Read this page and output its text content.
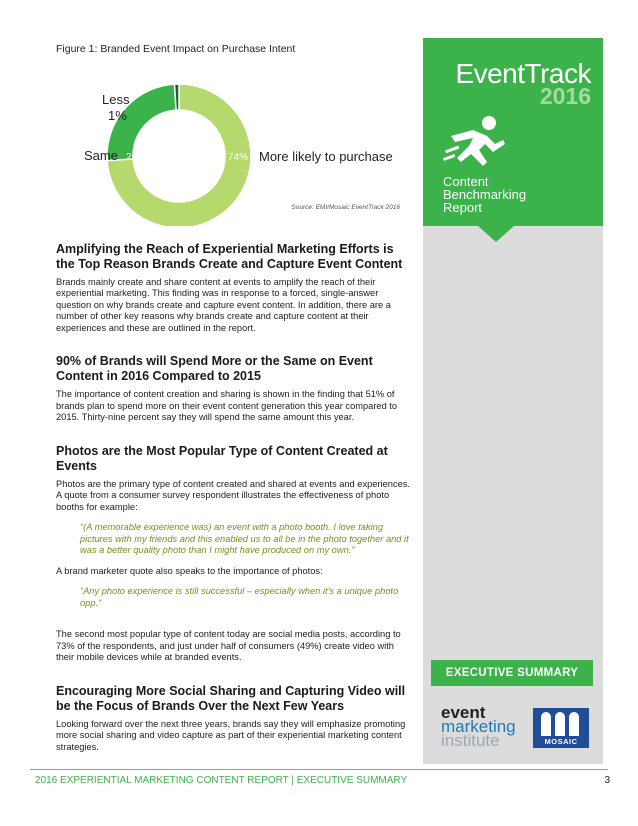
Figure 1: Branded Event Impact on Purchase Intent

Less
1%
Same 25%	74% More likely to purchase
Source: EMI/Mosaic EventTrack 2016
Amplifying the Reach of Experiential Marketing Efforts is the Top Reason Brands Create and Capture Event Content

Brands mainly create and share content at events to amplify the reach of their experiential marketing. This finding was in response to a forced, single-answer question on why brands create and capture event content. In addition, there are a number of other key reasons why brands create and capture content at their experiences and these are outlined in the report.

90% of Brands will Spend More or the Same on Event Content in 2016 Compared to 2015

The importance of content creation and sharing is shown in the finding that 51% of brands plan to spend more on their event content generation this year compared to 2015. Thirty-nine percent say they will spend the same amount this year.

Photos are the Most Popular Type of Content Created at Events

Photos are the primary type of content created and shared at events and experiences. A quote from a consumer survey respondent illustrates the effectiveness of photo booths for example:

“(A memorable experience was) an event with a photo booth. I love taking pictures with my friends and this enabled us to all be in the photo together and it was a better quality photo than I might have produced on my own.”

A brand marketer quote also speaks to the importance of photos:

“Any photo experience is still successful – especially when it’s a unique photo opp.”

The second most popular type of content today are social media posts, according to 73% of the respondents, and just under half of consumers (49%) create video with their mobile devices while at branded events.

Encouraging More Social Sharing and Capturing Video will be the Focus of Brands Over the Next Few Years

Looking forward over the next three years, brands say they will emphasize promoting more social sharing and video capture as part of their experiential marketing content strategies.

EventTrack
2016
Content
Benchmarking
Report
EXECUTIVE SUMMARY
event
marketing
institute	MOSAIC
2016 EXPERIENTIAL MARKETING CONTENT REPORT | EXECUTIVE SUMMARY	3
